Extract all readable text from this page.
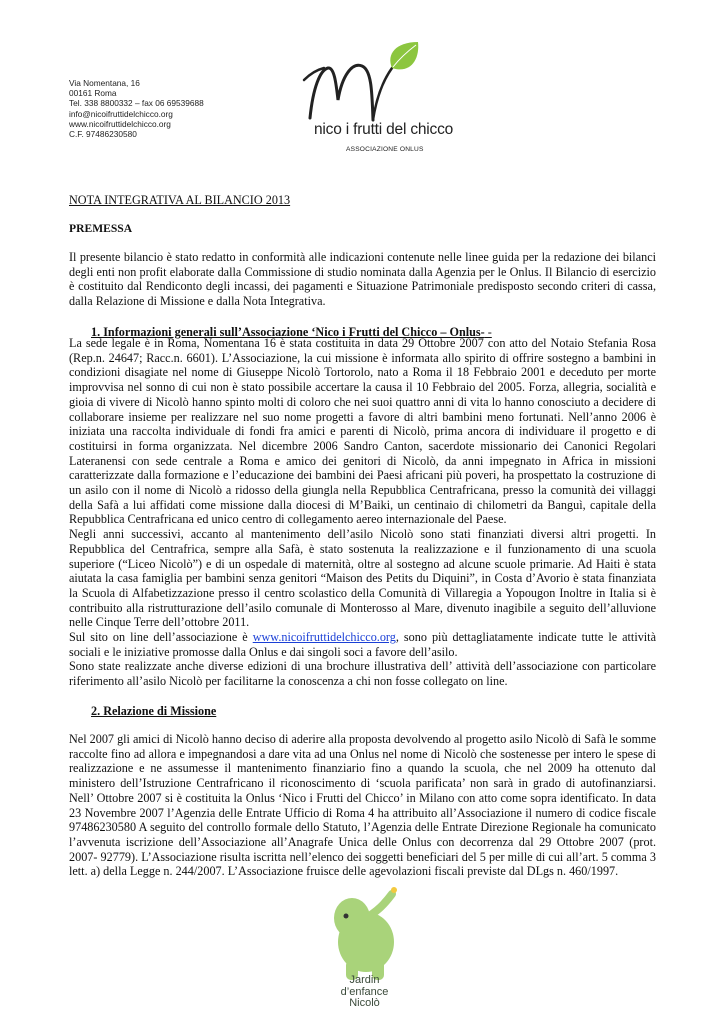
Via Nomentana, 16
00161 Roma
Tel. 338 8800332 – fax 06 69539688
info@nicoifruttidelchicco.org
www.nicoifruttidelchicco.org
C.F. 97486230580	nico i frutti del chicco
ASSOCIAZIONE ONLUS
NOTA INTEGRATIVA AL BILANCIO 2013
PREMESSA
Il presente bilancio è stato redatto in conformità alle indicazioni contenute nelle linee guida per la redazione dei bilanci degli enti non profit elaborate dalla Commissione di studio nominata dalla Agenzia per le Onlus. Il Bilancio di esercizio è costituito dal Rendiconto degli incassi, dei pagamenti e Situazione Patrimoniale predisposto secondo criteri di cassa, dalla Relazione di Missione e dalla Nota Integrativa.
1. Informazioni generali sull’Associazione ‘Nico i Frutti del Chicco – Onlus- -
La sede legale è in Roma, Nomentana 16 è stata costituita in data 29 Ottobre 2007 con atto del Notaio Stefania Rosa (Rep.n. 24647; Racc.n. 6601). L’Associazione, la cui missione è informata allo spirito di offrire sostegno a bambini in condizioni disagiate nel nome di Giuseppe Nicolò Tortorolo, nato a Roma il 18 Febbraio 2001 e deceduto per morte improvvisa nel sonno di cui non è stato possibile accertare la causa il 10 Febbraio del 2005. Forza, allegria, socialità e gioia di vivere di Nicolò hanno spinto molti di coloro che nei suoi quattro anni di vita lo hanno conosciuto a decidere di collaborare insieme per realizzare nel suo nome progetti a favore di altri bambini meno fortunati. Nell’anno 2006 è iniziata una raccolta individuale di fondi fra amici e parenti di Nicolò, prima ancora di individuare il progetto e di costituirsi in forma organizzata. Nel dicembre 2006 Sandro Canton, sacerdote missionario dei Canonici Regolari Lateranensi con sede centrale a Roma e amico dei genitori di Nicolò, da anni impegnato in Africa in missioni caratterizzate dalla formazione e l’educazione dei bambini dei Paesi africani più poveri, ha prospettato la costruzione di un asilo con il nome di Nicolò a ridosso della giungla nella Repubblica Centrafricana, presso la comunità dei villaggi della Safà a lui affidati come missione dalla diocesi di M’Baiki, un centinaio di chilometri da Banguì, capitale della Repubblica Centrafricana ed unico centro di collegamento aereo internazionale del Paese.
Negli anni successivi, accanto al mantenimento dell’asilo Nicolò sono stati finanziati diversi altri progetti. In Repubblica del Centrafrica, sempre alla Safà, è stato sostenuta la realizzazione e il funzionamento di una scuola superiore (“Liceo Nicolò”) e di un ospedale di maternità, oltre al sostegno ad alcune scuole primarie. Ad Haiti è stata aiutata la casa famiglia per bambini senza genitori “Maison des Petits du Diquini”, in Costa d’Avorio è stata finanziata la Scuola di Alfabetizzazione presso il centro scolastico della Comunità di Villaregia a Yopougon Inoltre in Italia si è contribuito alla ristrutturazione dell’asilo comunale di Monterosso al Mare, divenuto inagibile a seguito dell’alluvione nelle Cinque Terre dell’ottobre 2011.
Sul sito on line dell’associazione è www.nicoifruttidelchicco.org, sono più dettagliatamente indicate tutte le attività sociali e le iniziative promosse dalla Onlus e dai singoli soci a favore dell’asilo.
Sono state realizzate anche diverse edizioni di una brochure illustrativa dell’ attività dell’associazione con particolare riferimento all’asilo Nicolò per facilitarne la conoscenza a chi non fosse collegato on line.
2. Relazione di Missione
Nel 2007 gli amici di Nicolò hanno deciso di aderire alla proposta devolvendo al progetto asilo Nicolò di Safà le somme raccolte fino ad allora e impegnandosi a dare vita ad una Onlus nel nome di Nicolò che sostenesse per intero le spese di realizzazione e ne assumesse il mantenimento finanziario fino a quando la scuola, che nel 2009 ha ottenuto dal ministero dell’Istruzione Centrafricano il riconoscimento di ‘scuola parificata’ non sarà in grado di autofinanziarsi. Nell’ Ottobre 2007 si è costituita la Onlus ‘Nico i Frutti del Chicco’ in Milano con atto come sopra identificato. In data 23 Novembre 2007 l’Agenzia delle Entrate Ufficio di Roma 4 ha attribuito all’Associazione il numero di codice fiscale 97486230580 A seguito del controllo formale dello Statuto, l’Agenzia delle Entrate Direzione Regionale ha comunicato l’avvenuta iscrizione dell’Associazione all’Anagrafe Unica delle Onlus con decorrenza dal 29 Ottobre 2007 (prot. 2007- 92779). L’Associazione risulta iscritta nell’elenco dei soggetti beneficiari del 5 per mille di cui all’art. 5 comma 3 lett. a) della Legge n. 244/2007. L’Associazione fruisce delle agevolazioni fiscali previste dal DLgs n. 460/1997.
Jardin
d’enfance
Nicolò
